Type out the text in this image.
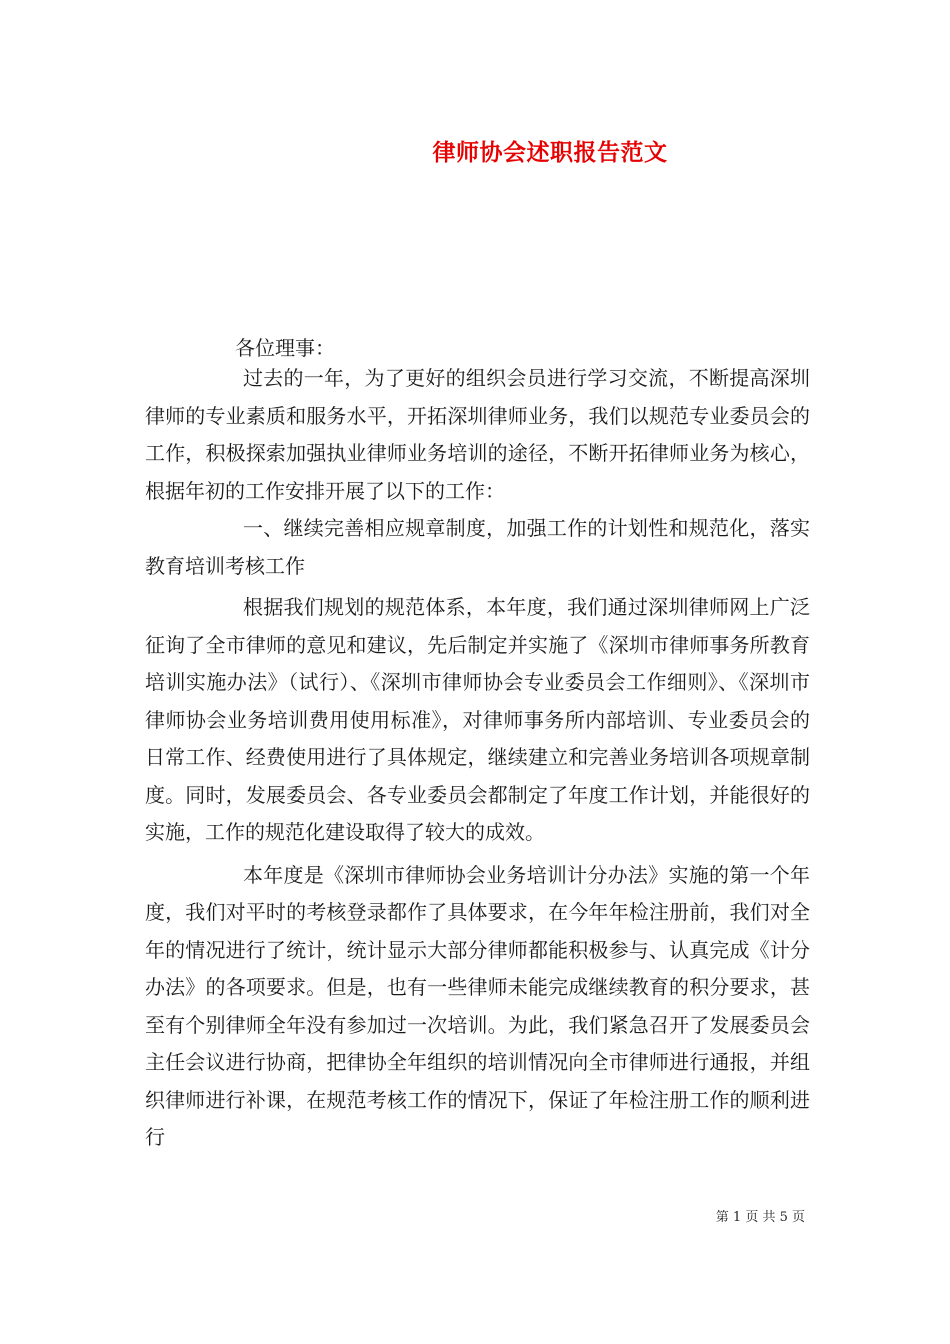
律师协会述职报告范文
各位理事：

过去的一年，为了更好的组织会员进行学习交流，不断提高深圳律师的专业素质和服务水平，开拓深圳律师业务，我们以规范专业委员会的工作，积极探索加强执业律师业务培训的途径，不断开拓律师业务为核心，根据年初的工作安排开展了以下的工作：

一、继续完善相应规章制度，加强工作的计划性和规范化，落实教育培训考核工作

根据我们规划的规范体系，本年度，我们通过深圳律师网上广泛征询了全市律师的意见和建议，先后制定并实施了《深圳市律师事务所教育培训实施办法》（试行）、《深圳市律师协会专业委员会工作细则》、《深圳市律师协会业务培训费用使用标准》，对律师事务所内部培训、专业委员会的日常工作、经费使用进行了具体规定，继续建立和完善业务培训各项规章制度。同时，发展委员会、各专业委员会都制定了年度工作计划，并能很好的实施，工作的规范化建设取得了较大的成效。

本年度是《深圳市律师协会业务培训计分办法》实施的第一个年度，我们对平时的考核登录都作了具体要求，在今年年检注册前，我们对全年的情况进行了统计，统计显示大部分律师都能积极参与、认真完成《计分办法》的各项要求。但是，也有一些律师未能完成继续教育的积分要求，甚至有个别律师全年没有参加过一次培训。为此，我们紧急召开了发展委员会主任会议进行协商，把律协全年组织的培训情况向全市律师进行通报，并组织律师进行补课，在规范考核工作的情况下，保证了年检注册工作的顺利进行

第 1 页 共 5 页
